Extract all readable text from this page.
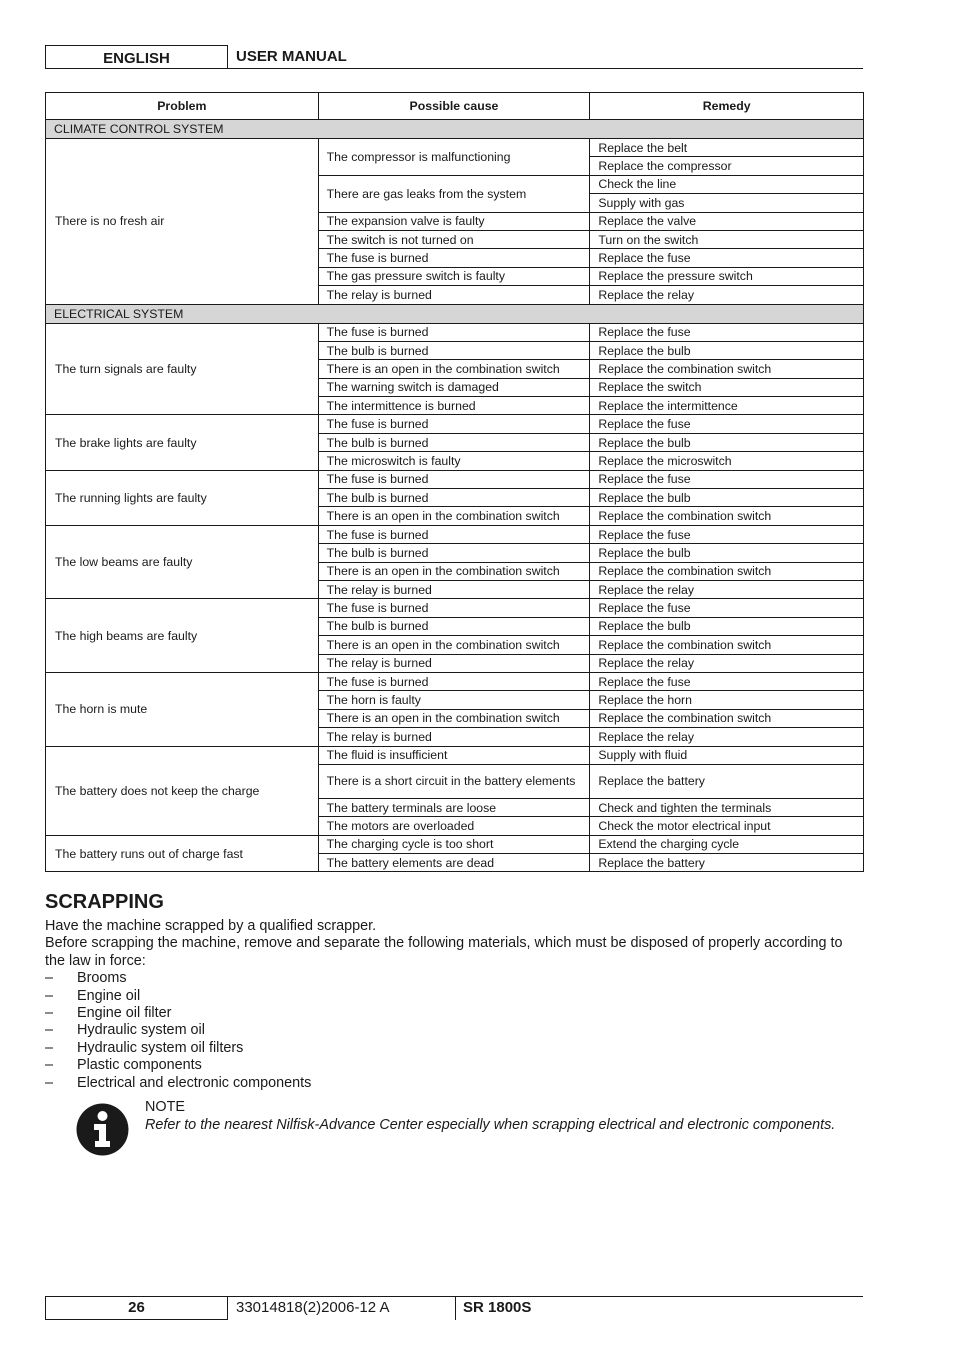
ENGLISH	USER MANUAL
Problem	Possible cause	Remedy
CLIMATE CONTROL SYSTEM		
There is no fresh air	The compressor is malfunctioning	Replace the belt
		Replace the compressor
	There are gas leaks from the system	Check the line
		Supply with gas
	The expansion valve is faulty	Replace the valve
	The switch is not turned on	Turn on the switch
	The fuse is burned	Replace the fuse
	The gas pressure switch is faulty	Replace the pressure switch
	The relay is burned	Replace the relay
ELECTRICAL SYSTEM		
The turn signals are faulty	The fuse is burned	Replace the fuse
	The bulb is burned	Replace the bulb
	There is an open in the combination switch	Replace the combination switch
	The warning switch is damaged	Replace the switch
	The intermittence is burned	Replace the intermittence
The brake lights are faulty	The fuse is burned	Replace the fuse
	The bulb is burned	Replace the bulb
	The microswitch is faulty	Replace the microswitch
The running lights are faulty	The fuse is burned	Replace the fuse
	The bulb is burned	Replace the bulb
	There is an open in the combination switch	Replace the combination switch
The low beams are faulty	The fuse is burned	Replace the fuse
	The bulb is burned	Replace the bulb
	There is an open in the combination switch	Replace the combination switch
	The relay is burned	Replace the relay
The high beams are faulty	The fuse is burned	Replace the fuse
	The bulb is burned	Replace the bulb
	There is an open in the combination switch	Replace the combination switch
	The relay is burned	Replace the relay
The horn is mute	The fuse is burned	Replace the fuse
	The horn is faulty	Replace the horn
	There is an open in the combination switch	Replace the combination switch
	The relay is burned	Replace the relay
The battery does not keep the charge	The fluid is insufficient	Supply with fluid
	There is a short circuit in the battery elements	Replace the battery
	The battery terminals are loose	Check and tighten the terminals
	The motors are overloaded	Check the motor electrical input
The battery runs out of charge fast	The charging cycle is too short	Extend the charging cycle
	The battery elements are dead	Replace the battery
SCRAPPING

Have the machine scrapped by a qualified scrapper.

Before scrapping the machine, remove and separate the following materials, which must be disposed of properly according to the law in force:

– Brooms
– Engine oil
– Engine oil filter
– Hydraulic system oil
– Hydraulic system oil filters
– Plastic components
– Electrical and electronic components
NOTE
Refer to the nearest Nilfisk-Advance Center especially when scrapping electrical and electronic components.
26	33014818(2)2006-12 A	SR 1800S
